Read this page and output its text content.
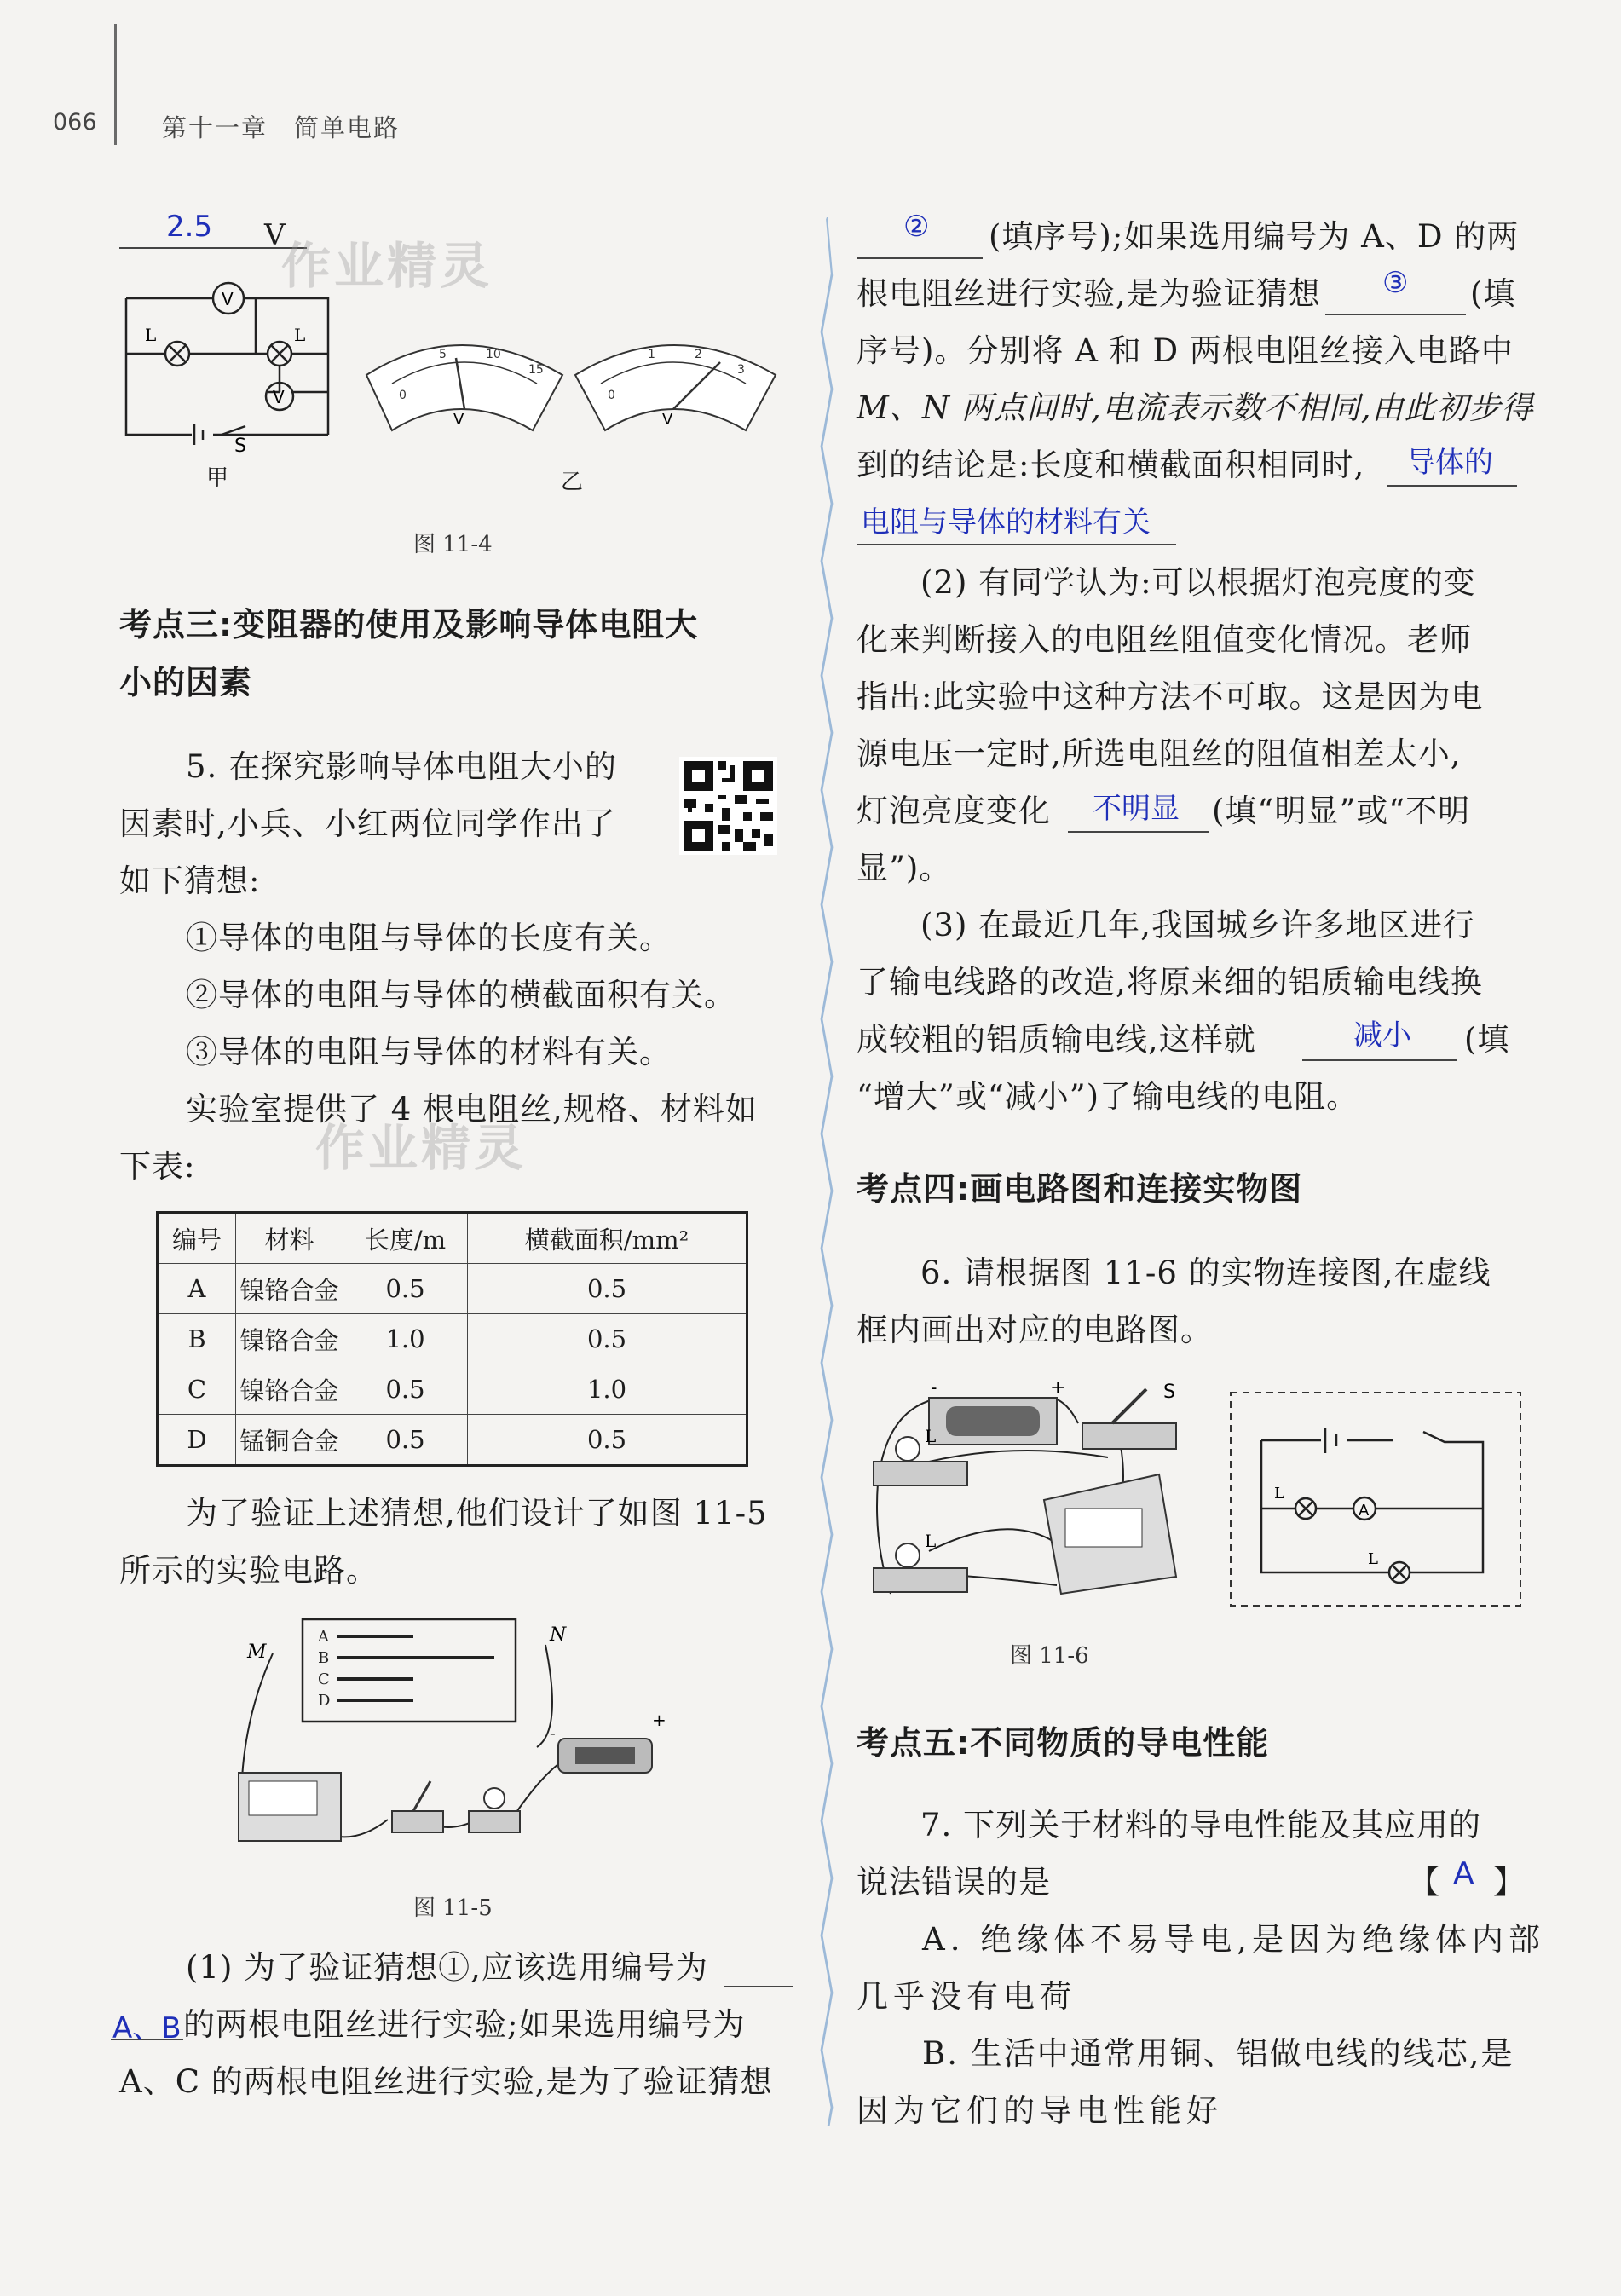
066	第十一章　简单电路
2.5 V
作业精灵
V
V
L	L
S
甲
0
5	10
15
0
1	2
3
V	V
乙
图 11-4
考点三:变阻器的使用及影响导体电阻大
小的因素
5. 在探究影响导体电阻大小的
因素时,小兵、小红两位同学作出了
如下猜想:
①导体的电阻与导体的长度有关。
②导体的电阻与导体的横截面积有关。
③导体的电阻与导体的材料有关。
实验室提供了 4 根电阻丝,规格、材料如
作业精灵
下表:
编号	材料	长度/m	横截面积/mm²
A	镍铬合金	0.5	0.5
B	镍铬合金	1.0	0.5
C	镍铬合金	0.5	1.0
D	锰铜合金	0.5	0.5
为了验证上述猜想,他们设计了如图 11-5
所示的实验电路。
A
B
C
D
M
N
-
+
图 11-5
(1) 为了验证猜想①,应该选用编号为
A、B 的两根电阻丝进行实验;如果选用编号为
A、C 的两根电阻丝进行实验,是为了验证猜想
② (填序号);如果选用编号为 A、D 的两
根电阻丝进行实验,是为验证猜想 ③ (填
序号)。分别将 A 和 D 两根电阻丝接入电路中
M、N 两点间时,电流表示数不相同,由此初步得
到的结论是:长度和横截面积相同时, 导体的
电阻与导体的材料有关
(2) 有同学认为:可以根据灯泡亮度的变
化来判断接入的电阻丝阻值变化情况。老师
指出:此实验中这种方法不可取。这是因为电
源电压一定时,所选电阻丝的阻值相差太小,
灯泡亮度变化 不明显 (填“明显”或“不明
显”)。
(3) 在最近几年,我国城乡许多地区进行
了输电线路的改造,将原来细的铝质输电线换
成较粗的铝质输电线,这样就	减小 (填
“增大”或“减小”)了输电线的电阻。
考点四:画电路图和连接实物图
6. 请根据图 11-6 的实物连接图,在虚线
框内画出对应的电路图。
-	+	S
L
L
图 11-6
A
L
L
考点五:不同物质的导电性能
7. 下列关于材料的导电性能及其应用的
说法错误的是	【 A 】
A. 绝缘体不易导电,是因为绝缘体内部
几乎没有电荷
B. 生活中通常用铜、铝做电线的线芯,是
因为它们的导电性能好
